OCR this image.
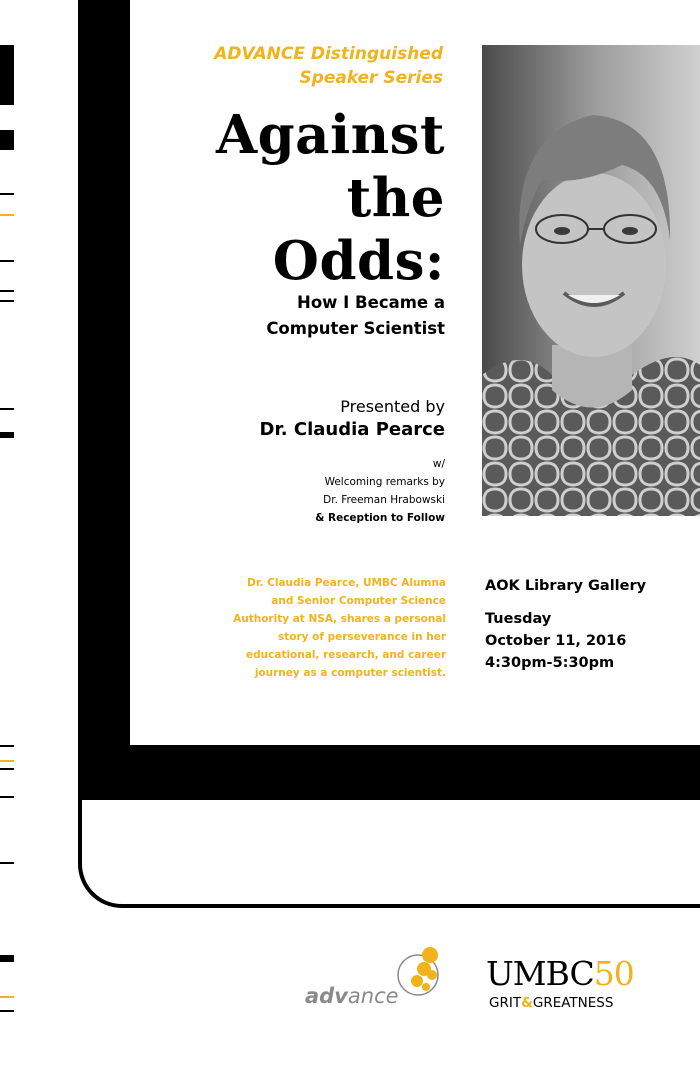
ADVANCE Distinguished
Speaker Series
Against
the
Odds:
How I Became a
Computer Scientist
Presented by
Dr. Claudia Pearce
w/
Welcoming remarks by
Dr. Freeman Hrabowski
& Reception to Follow
Dr. Claudia Pearce, UMBC Alumna
and Senior Computer Science
Authority at NSA, shares a personal
story of perseverance in her
educational, research, and career
journey as a computer scientist.
AOK Library Gallery
Tuesday
October 11, 2016
4:30pm-5:30pm
advance
UMBC50
GRIT&GREATNESS
